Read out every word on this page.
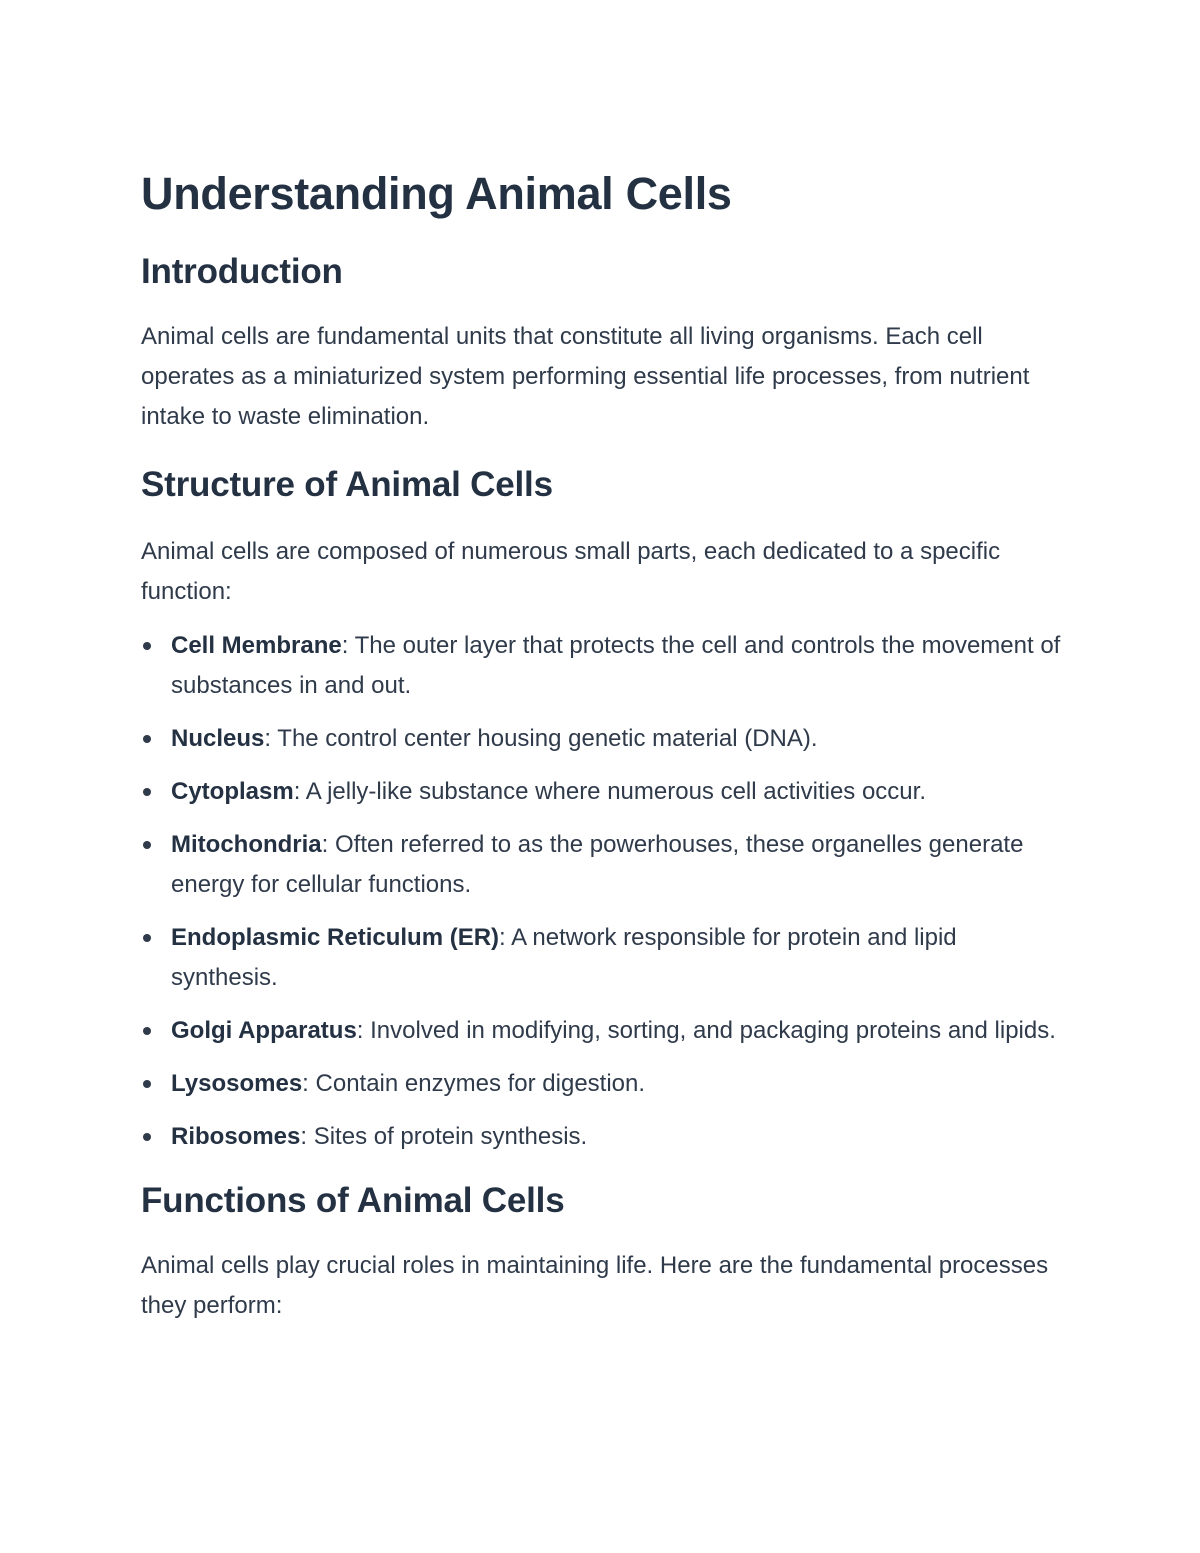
Understanding Animal Cells
Introduction

Animal cells are fundamental units that constitute all living organisms. Each cell operates as a miniaturized system performing essential life processes, from nutrient intake to waste elimination.

Structure of Animal Cells

Animal cells are composed of numerous small parts, each dedicated to a specific function:

Cell Membrane: The outer layer that protects the cell and controls the movement of substances in and out.
Nucleus: The control center housing genetic material (DNA).
Cytoplasm: A jelly-like substance where numerous cell activities occur.
Mitochondria: Often referred to as the powerhouses, these organelles generate energy for cellular functions.
Endoplasmic Reticulum (ER): A network responsible for protein and lipid synthesis.
Golgi Apparatus: Involved in modifying, sorting, and packaging proteins and lipids.
Lysosomes: Contain enzymes for digestion.
Ribosomes: Sites of protein synthesis.
Functions of Animal Cells

Animal cells play crucial roles in maintaining life. Here are the fundamental processes they perform:
